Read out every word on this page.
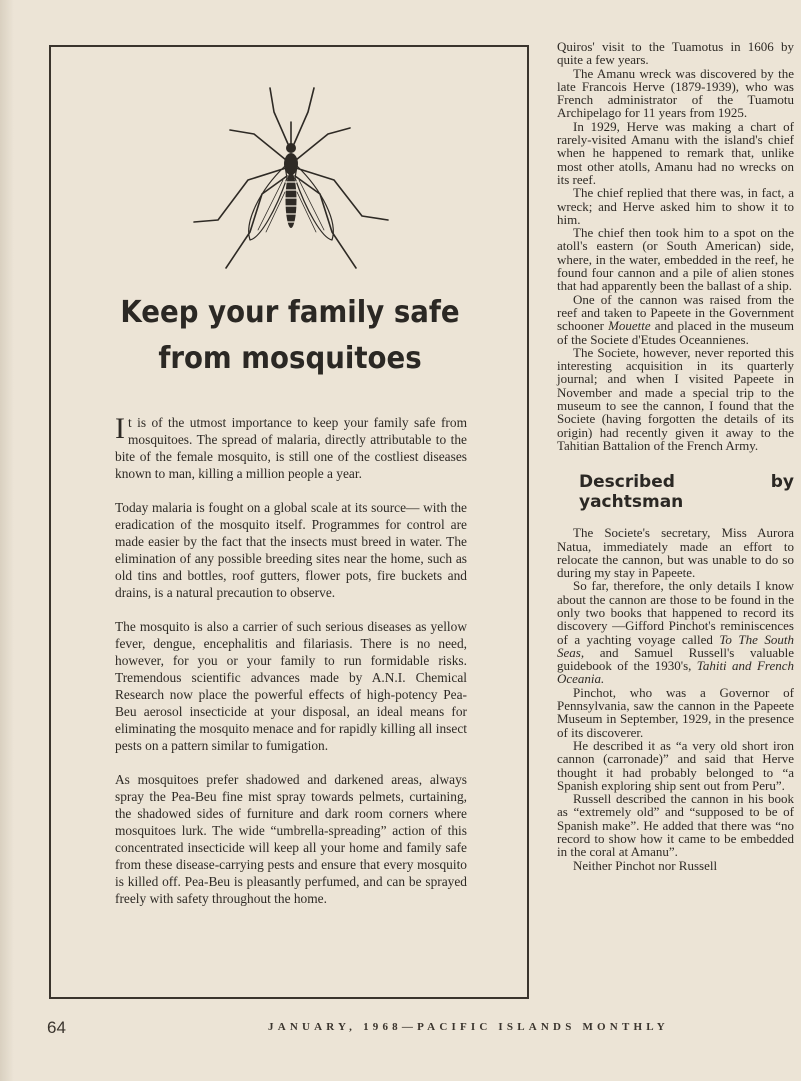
Keep your family safe
from mosquitoes

It is of the utmost importance to keep your family safe from mosquitoes. The spread of malaria, directly attributable to the bite of the female mosquito, is still one of the costliest diseases known to man, killing a million people a year.

Today malaria is fought on a global scale at its source— with the eradication of the mosquito itself. Programmes for control are made easier by the fact that the insects must breed in water. The elimination of any possible breeding sites near the home, such as old tins and bottles, roof gutters, flower pots, fire buckets and drains, is a natural precaution to observe.

The mosquito is also a carrier of such serious diseases as yellow fever, dengue, encephalitis and filariasis. There is no need, however, for you or your family to run formidable risks. Tremendous scientific advances made by A.N.I. Chemical Research now place the powerful effects of high-potency Pea-Beu aerosol insecticide at your disposal, an ideal means for eliminating the mosquito menace and for rapidly killing all insect pests on a pattern similar to fumigation.

As mosquitoes prefer shadowed and darkened areas, always spray the Pea-Beu fine mist spray towards pelmets, curtaining, the shadowed sides of furniture and dark room corners where mosquitoes lurk. The wide “umbrella-spreading” action of this concentrated insecticide will keep all your home and family safe from these disease-carrying pests and ensure that every mosquito is killed off. Pea-Beu is pleasantly perfumed, and can be sprayed freely with safety throughout the home.

Quiros' visit to the Tuamotus in 1606 by quite a few years.

The Amanu wreck was discovered by the late Francois Herve (1879-1939), who was French administrator of the Tuamotu Archipelago for 11 years from 1925.

In 1929, Herve was making a chart of rarely-visited Amanu with the island's chief when he happened to remark that, unlike most other atolls, Amanu had no wrecks on its reef.

The chief replied that there was, in fact, a wreck; and Herve asked him to show it to him.

The chief then took him to a spot on the atoll's eastern (or South American) side, where, in the water, embedded in the reef, he found four cannon and a pile of alien stones that had apparently been the ballast of a ship.

One of the cannon was raised from the reef and taken to Papeete in the Government schooner Mouette and placed in the museum of the Societe d'Etudes Oceannienes.

The Societe, however, never reported this interesting acquisition in its quarterly journal; and when I visited Papeete in November and made a special trip to the museum to see the cannon, I found that the Societe (having forgotten the details of its origin) had recently given it away to the Tahitian Battalion of the French Army.

Described by yachtsman

The Societe's secretary, Miss Aurora Natua, immediately made an effort to relocate the cannon, but was unable to do so during my stay in Papeete.

So far, therefore, the only details I know about the cannon are those to be found in the only two books that happened to record its discovery —Gifford Pinchot's reminiscences of a yachting voyage called To The South Seas, and Samuel Russell's valuable guidebook of the 1930's, Tahiti and French Oceania.

Pinchot, who was a Governor of Pennsylvania, saw the cannon in the Papeete Museum in September, 1929, in the presence of its discoverer.

He described it as “a very old short iron cannon (carronade)” and said that Herve thought it had probably belonged to “a Spanish exploring ship sent out from Peru”.

Russell described the cannon in his book as “extremely old” and “supposed to be of Spanish make”. He added that there was “no record to show how it came to be embedded in the coral at Amanu”.

Neither Pinchot nor Russell

64	JANUARY, 1968—PACIFIC ISLANDS MONTHLY
